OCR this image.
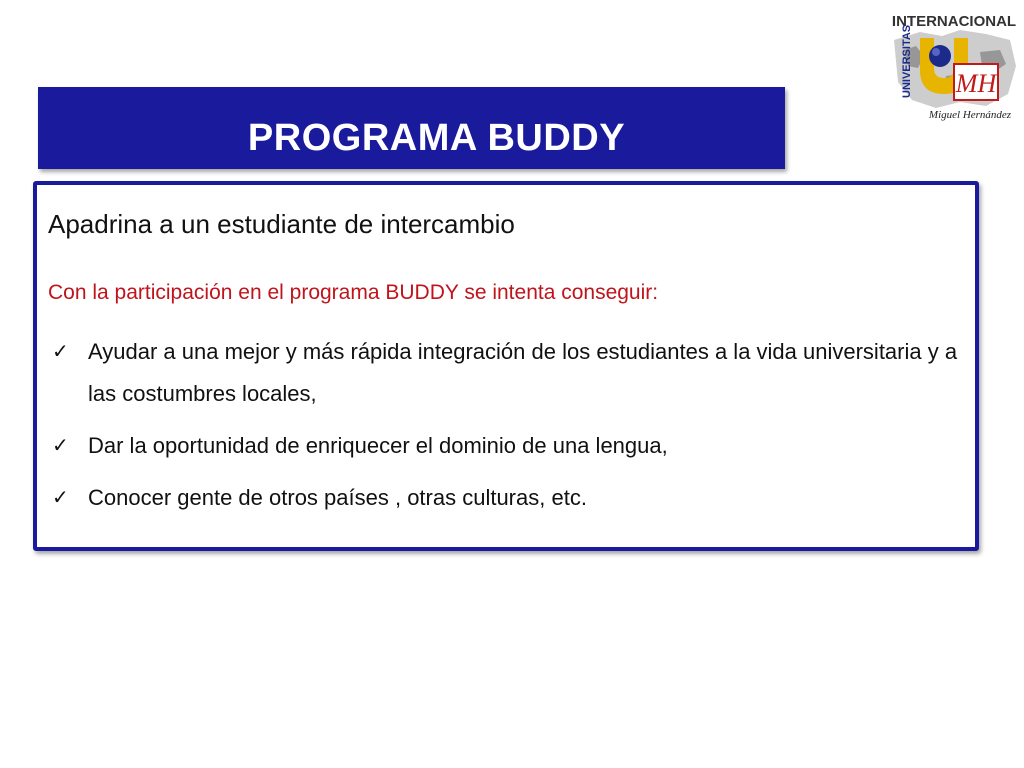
INTERNACIONAL
UNIVERSITAS MH
Miguel Hernández
PROGRAMA BUDDY
Apadrina a un estudiante de intercambio
Con la participación en el programa BUDDY se intenta conseguir:
✓ Ayudar a una mejor y más rápida integración de los estudiantes a la vida universitaria y a las costumbres locales,
✓ Dar la oportunidad de enriquecer el dominio de una lengua,
✓ Conocer gente de otros países , otras culturas, etc.
